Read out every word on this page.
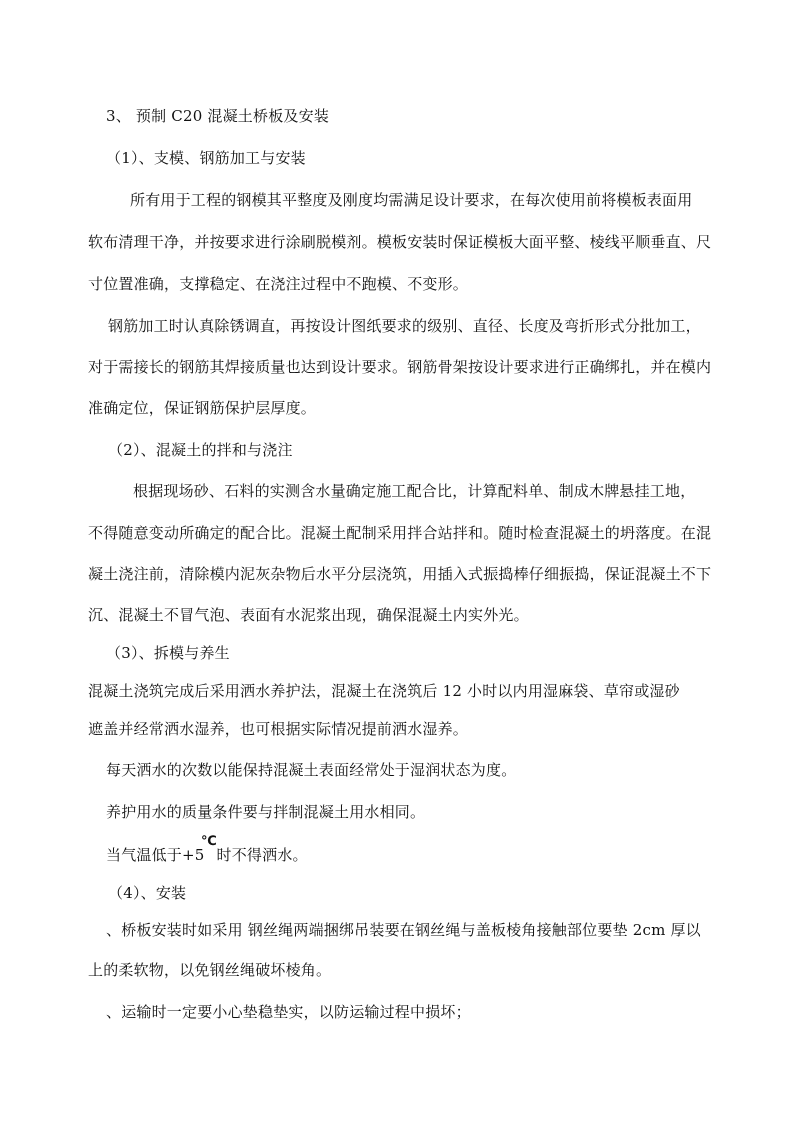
3、 预制 C20 混凝土桥板及安装
（1）、支模、钢筋加工与安装
所有用于工程的钢模其平整度及刚度均需满足设计要求，在每次使用前将模板表面用
软布清理干净，并按要求进行涂刷脱模剂。模板安装时保证模板大面平整、棱线平顺垂直、尺
寸位置准确，支撑稳定、在浇注过程中不跑模、不变形。
钢筋加工时认真除锈调直，再按设计图纸要求的级别、直径、长度及弯折形式分批加工，
对于需接长的钢筋其焊接质量也达到设计要求。钢筋骨架按设计要求进行正确绑扎，并在模内
准确定位，保证钢筋保护层厚度。
（2）、混凝土的拌和与浇注
根据现场砂、石料的实测含水量确定施工配合比，计算配料单、制成木牌悬挂工地，
不得随意变动所确定的配合比。混凝土配制采用拌合站拌和。随时检查混凝土的坍落度。在混
凝土浇注前，清除模内泥灰杂物后水平分层浇筑，用插入式振捣棒仔细振捣，保证混凝土不下
沉、混凝土不冒气泡、表面有水泥浆出现，确保混凝土内实外光。
（3）、拆模与养生
混凝土浇筑完成后采用洒水养护法，混凝土在浇筑后 12 小时以内用湿麻袋、草帘或湿砂
遮盖并经常洒水湿养，也可根据实际情况提前洒水湿养。
每天洒水的次数以能保持混凝土表面经常处于湿润状态为度。
养护用水的质量条件要与拌制混凝土用水相同。
当气温低于+5 时不得洒水。
℃
（4）、安装
、桥板安装时如采用 钢丝绳两端捆绑吊装要在钢丝绳与盖板棱角接触部位要垫 2cm 厚以
上的柔软物，以免钢丝绳破坏棱角。
、运输时一定要小心垫稳垫实，以防运输过程中损坏；
